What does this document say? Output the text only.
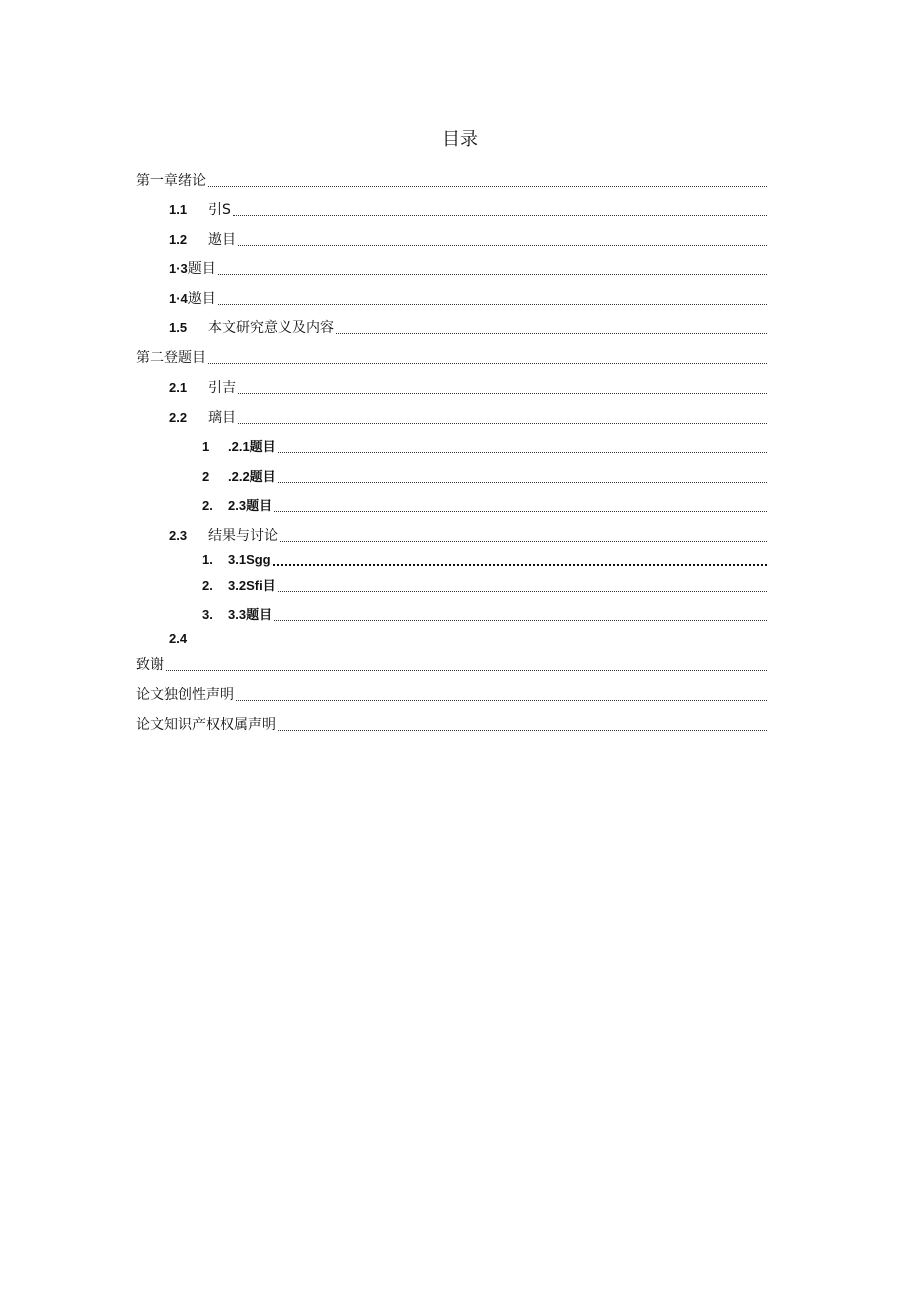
目录
第一章绪论
1.1	引S
1.2	遨目
1·3 题目
1·4 遨目
1.5	本文研究意义及内容
第二登题目
2.1	引吉
2.2	璃目
1	.2.1题目
2	.2.2题目
2.	2.3题目
2.3	结果与讨论
1.	3.1Sgg
2.	3.2Sfi目
3.	3.3题目
2.4
致谢
论文独创性声明
论文知识产权权属声明
